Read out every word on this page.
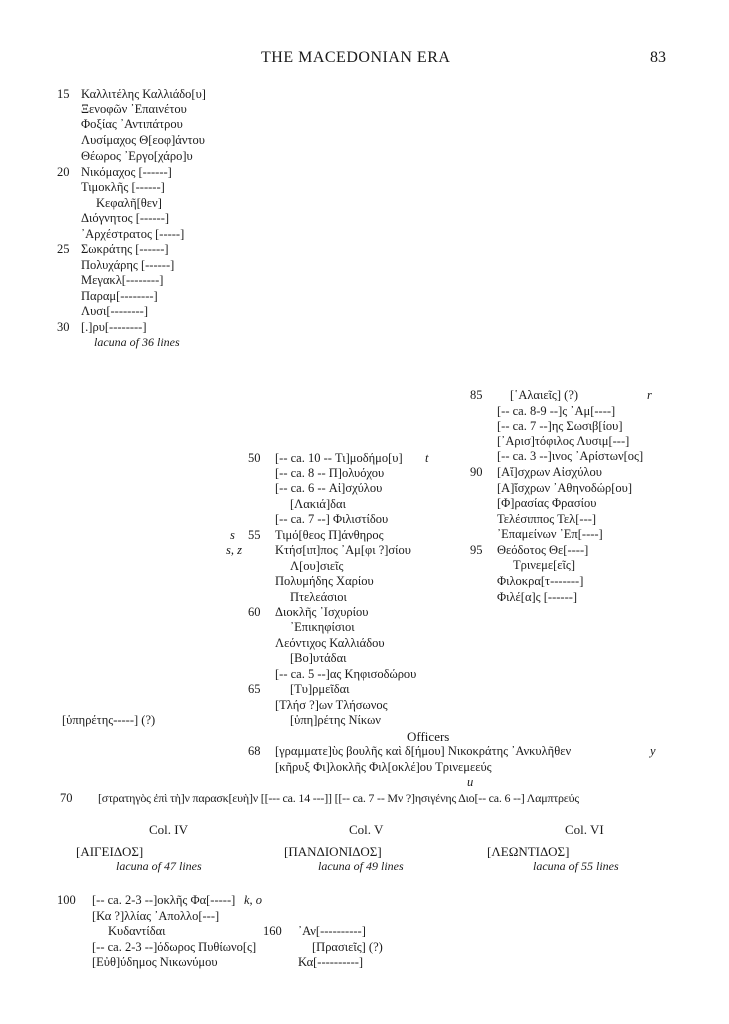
THE MACEDONIAN ERA	83
15 Καλλιτέλης Καλλιάδο[υ]
Ξενοφῶν ᾿Επαινέτου
Φοξίας ᾿Αντιπάτρου
Λυσίμαχος Θ[εοφ]άντου
Θέωρος ᾿Εργο[χάρο]υ
20 Νικόμαχος [------]
Τιμοκλῆς [------]
Κεφαλῆ[θεν]
Διόγνητος [------]
᾿Αρχέστρατος [-----]
25 Σωκράτης [------]
Πολυχάρης [------]
Μεγακλ[--------]
Παραμ[--------]
Λυσι[--------]
30 [.]ρυ[--------]
lacuna of 36 lines
85 [῾Αλαιεῖς] (?)	r
[-- ca. 8-9 --]ς ᾿Αμ[----]
[-- ca. 7 --]ης Σωσιβ[ίου]
[᾿Αρισ]τόφιλος Λυσιμ[---]
[-- ca. 3 --]ινος ᾿Αρίστων[ος]
90 [Αἴ]σχρων Αἰσχύλου
[Α]ἴσχρων ᾿Αθηνοδώρ[ου]
[Φ]ρασίας Φρασίου
Τελέσιππος Τελ[---]
᾿Επαμείνων ᾿Επ[----]
95 Θεόδοτος Θε[----]
Τρινεμε[εῖς]
Φιλοκρα[τ-------]
Φιλέ[α]ς [------]
50 [-- ca. 10 -- Τι]μοδήμο[υ] t
[-- ca. 8 -- Π]ολυόχου
[-- ca. 6 -- Αἰ]σχύλου
[Λακιά]δαι
[-- ca. 7 --] Φιλιστίδου
s 55 Τιμό[θεος Π]άνθηρος
s, z	Κτήσ[ιπ]πος ᾿Αμ[φι ?]σίου
Λ[ου]σιεῖς
Πολυμήδης Χαρίου
Πτελεάσιοι
60 Διοκλῆς ᾿Ισχυρίου
᾿Επικηφίσιοι
Λεόντιχος Καλλιάδου
[Βο]υτάδαι
[-- ca. 5 --]ας Κηφισοδώρου
65 [Τυ]ρμεῖδαι
[Τλήσ ?]ων Τλήσωνος
[ὑπηρέτης-----] (?)	[ὑπη]ρέτης Νίκων
Officers
68 [γραμματε]ὺς βουλῆς καὶ δ[ήμου] Νικοκράτης ᾿Ανκυλῆθεν	y
[κῆρυξ Φι]λοκλῆς Φιλ[οκλέ]ου Τρινεμεεύς
u
70 [στρατηγὸς ἐπὶ τὴ]ν παρασκ[ευὴ]ν [[--- ca. 14 ---]] [[-- ca. 7 -- Μν ?]ησιγένης Διο[-- ca. 6 --] Λαμπτρεύς
Col. IV
[ΑΙΓΕΙΔΟΣ]
lacuna of 47 lines
Col. V
[ΠΑΝΔΙΟΝΙΔΟΣ]
lacuna of 49 lines
Col. VI
[ΛΕΩΝΤΙΔΟΣ]
lacuna of 55 lines
100 [-- ca. 2-3 --]οκλῆς Φα[-----] k, o
[Κα ?]λλίας ᾿Απολλο[---]
Κυδαντίδαι
[-- ca. 2-3 --]όδωρος Πυθίωνο[ς]
[Εὐθ]ύδημος Νικωνύμου
160 ᾿Αν[----------]
[Πρασιεῖς] (?)
Κα[----------]
